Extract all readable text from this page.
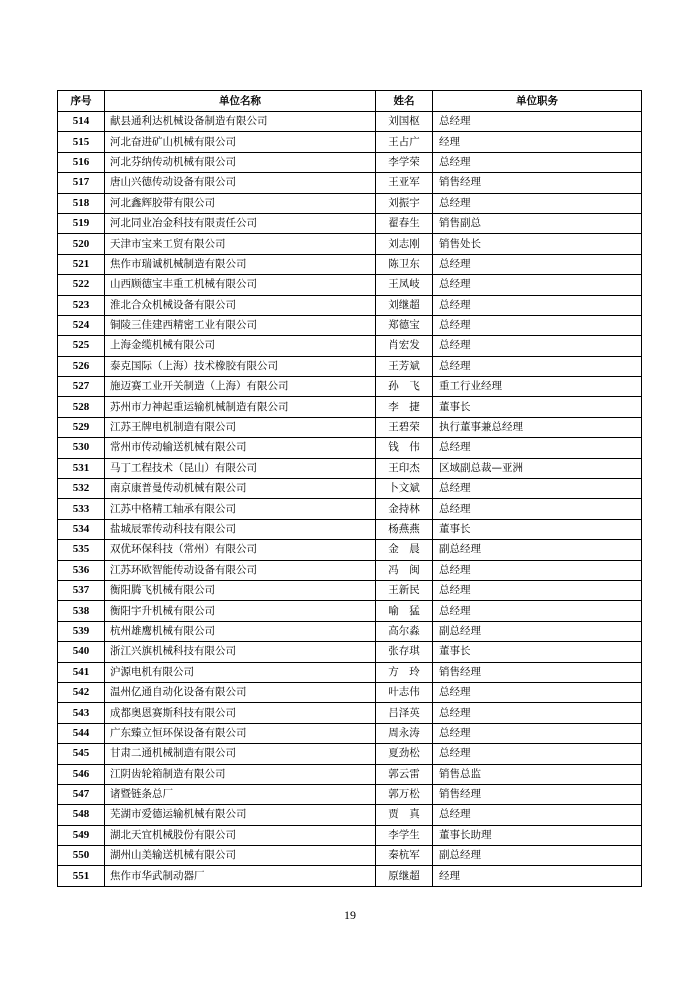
序号	单位名称	姓名	单位职务
514	献县通利达机械设备制造有限公司	刘国枢	总经理
515	河北奋进矿山机械有限公司	王占广	经理
516	河北芬纳传动机械有限公司	李学荣	总经理
517	唐山兴德传动设备有限公司	王亚军	销售经理
518	河北鑫辉胶带有限公司	刘振宇	总经理
519	河北同业冶金科技有限责任公司	翟春生	销售副总
520	天津市宝来工贸有限公司	刘志刚	销售处长
521	焦作市瑞诚机械制造有限公司	陈卫东	总经理
522	山西顾德宝丰重工机械有限公司	王凤岐	总经理
523	淮北合众机械设备有限公司	刘继超	总经理
524	铜陵三佳建西精密工业有限公司	郑德宝	总经理
525	上海金缆机械有限公司	肖宏发	总经理
526	泰克国际（上海）技术橡胶有限公司	王芳斌	总经理
527	施迈赛工业开关制造（上海）有限公司	孙　飞	重工行业经理
528	苏州市力神起重运输机械制造有限公司	李　捷	董事长
529	江苏王牌电机制造有限公司	王碧荣	执行董事兼总经理
530	常州市传动输送机械有限公司	钱　伟	总经理
531	马丁工程技术（昆山）有限公司	王印杰	区域副总裁—亚洲
532	南京康普曼传动机械有限公司	卜文斌	总经理
533	江苏中格精工轴承有限公司	金持林	总经理
534	盐城辰霏传动科技有限公司	杨燕燕	董事长
535	双优环保科技（常州）有限公司	金　晨	副总经理
536	江苏环欧智能传动设备有限公司	冯　闽	总经理
537	衡阳腾飞机械有限公司	王新民	总经理
538	衡阳宇升机械有限公司	喻　猛	总经理
539	杭州雄鹰机械有限公司	高尔淼	副总经理
540	浙江兴旗机械科技有限公司	张存琪	董事长
541	沪源电机有限公司	方　玲	销售经理
542	温州亿通自动化设备有限公司	叶志伟	总经理
543	成都奥恩赛斯科技有限公司	吕泽英	总经理
544	广东臻立恒环保设备有限公司	周永涛	总经理
545	甘肃二通机械制造有限公司	夏劲松	总经理
546	江阴齿轮箱制造有限公司	郭云雷	销售总监
547	诸暨链条总厂	郭万松	销售经理
548	芜湖市爱德运输机械有限公司	贾　真	总经理
549	湖北天宜机械股份有限公司	李学生	董事长助理
550	湖州山美输送机械有限公司	秦杭军	副总经理
551	焦作市华武制动器厂	原继超	经理
19
